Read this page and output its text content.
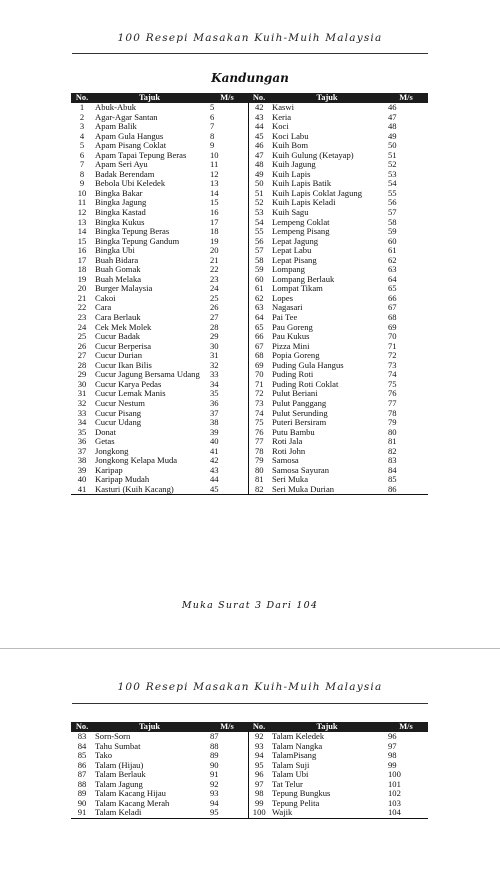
100 Resepi Masakan Kuih-Muih Malaysia
Kandungan
No.	Tajuk	M/s	No.	Tajuk	M/s
1	Abuk-Abuk	5	42	Kaswi	46
2	Agar-Agar Santan	6	43	Keria	47
3	Apam Balik	7	44	Koci	48
4	Apam Gula Hangus	8	45	Koci Labu	49
5	Apam Pisang Coklat	9	46	Kuih Bom	50
6	Apam Tapai Tepung Beras	10	47	Kuih Gulung (Ketayap)	51
7	Apam Seri Ayu	11	48	Kuih Jagung	52
8	Badak Berendam	12	49	Kuih Lapis	53
9	Bebola Ubi Keledek	13	50	Kuih Lapis Batik	54
10	Bingka Bakar	14	51	Kuih Lapis Coklat Jagung	55
11	Bingka Jagung	15	52	Kuih Lapis Keladi	56
12	Bingka Kastad	16	53	Kuih Sagu	57
13	Bingka Kukus	17	54	Lempeng Coklat	58
14	Bingka Tepung Beras	18	55	Lempeng Pisang	59
15	Bingka Tepung Gandum	19	56	Lepat Jagung	60
16	Bingka Ubi	20	57	Lepat Labu	61
17	Buah Bidara	21	58	Lepat Pisang	62
18	Buah Gomak	22	59	Lompang	63
19	Buah Melaka	23	60	Lompang Berlauk	64
20	Burger Malaysia	24	61	Lompat Tikam	65
21	Cakoi	25	62	Lopes	66
22	Cara	26	63	Nagasari	67
23	Cara Berlauk	27	64	Pai Tee	68
24	Cek Mek Molek	28	65	Pau Goreng	69
25	Cucur Badak	29	66	Pau Kukus	70
26	Cucur Berperisa	30	67	Pizza Mini	71
27	Cucur Durian	31	68	Popia Goreng	72
28	Cucur Ikan Bilis	32	69	Puding Gula Hangus	73
29	Cucur Jagung Bersama Udang	33	70	Puding Roti	74
30	Cucur Karya Pedas	34	71	Puding Roti Coklat	75
31	Cucur Lemak Manis	35	72	Pulut Beriani	76
32	Cucur Nestum	36	73	Pulut Panggang	77
33	Cucur Pisang	37	74	Pulut Serunding	78
34	Cucur Udang	38	75	Puteri Bersiram	79
35	Donat	39	76	Putu Bambu	80
36	Getas	40	77	Roti Jala	81
37	Jongkong	41	78	Roti John	82
38	Jongkong Kelapa Muda	42	79	Samosa	83
39	Karipap	43	80	Samosa Sayuran	84
40	Karipap Mudah	44	81	Seri Muka	85
41	Kasturi (Kuih Kacang)	45	82	Seri Muka Durian	86
Muka Surat 3 Dari 104
100 Resepi Masakan Kuih-Muih Malaysia
No.	Tajuk	M/s	No.	Tajuk	M/s
83	Sorn-Sorn	87	92	Talam Keledek	96
84	Tahu Sumbat	88	93	Talam Nangka	97
85	Tako	89	94	TalamPisang	98
86	Talam (Hijau)	90	95	Talam Suji	99
87	Talam Berlauk	91	96	Talam Ubi	100
88	Talam Jagung	92	97	Tat Telur	101
89	Talam Kacang Hijau	93	98	Tepung Bungkus	102
90	Talam Kacang Merah	94	99	Tepung Pelita	103
91	Talam Keladi	95	100	Wajik	104
